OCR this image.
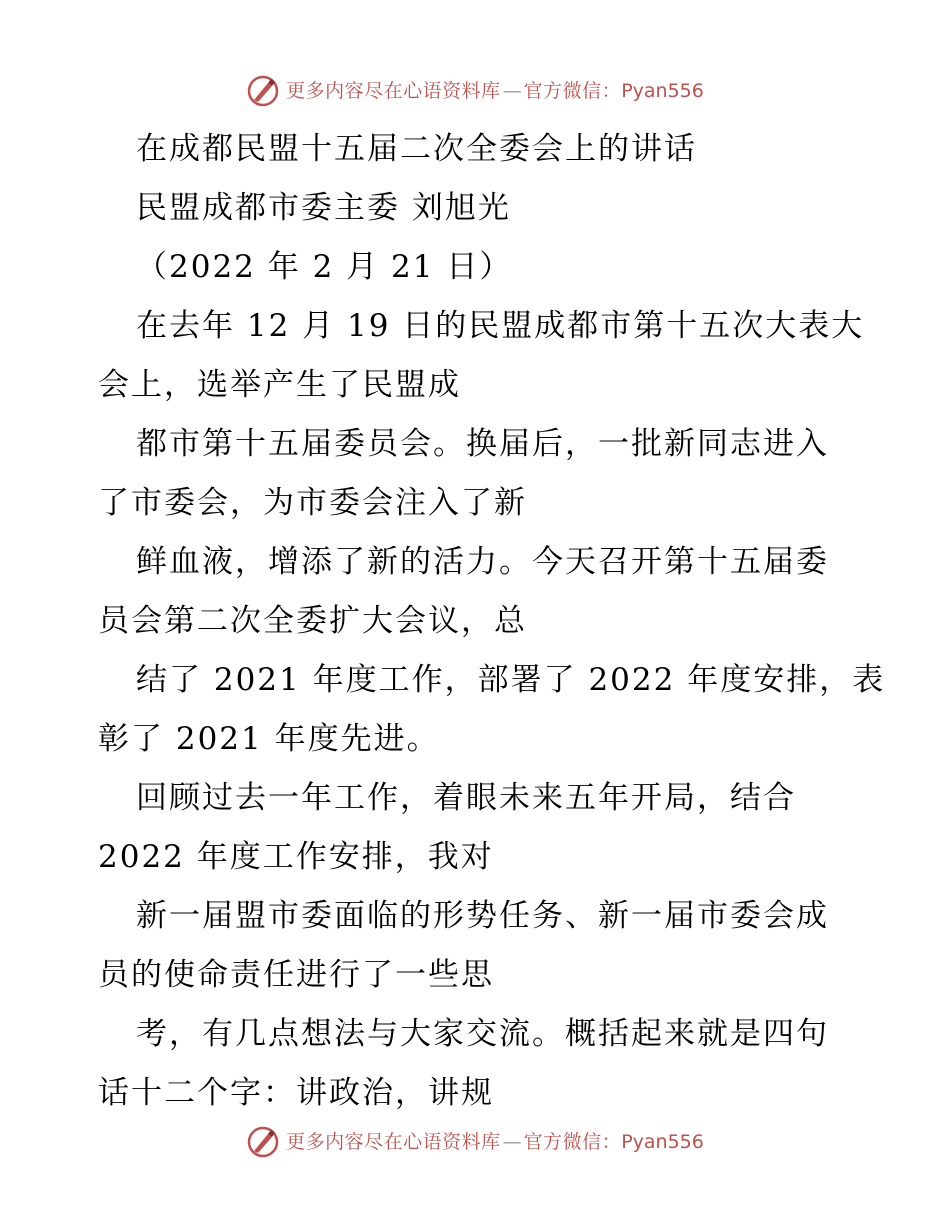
更多内容尽在心语资料库 — 官方微信： Pyan556
在成都民盟十五届二次全委会上的讲话
民盟成都市委主委 刘旭光
（2022 年 2 月 21 日）
在去年 12 月 19 日的民盟成都市第十五次大表大
会上，选举产生了民盟成
都市第十五届委员会。换届后，一批新同志进入
了市委会，为市委会注入了新
鲜血液，增添了新的活力。今天召开第十五届委
员会第二次全委扩大会议，总
结了 2021 年度工作，部署了 2022 年度安排，表
彰了 2021 年度先进。
回顾过去一年工作，着眼未来五年开局，结合
2022 年度工作安排，我对
新一届盟市委面临的形势任务、新一届市委会成
员的使命责任进行了一些思
考，有几点想法与大家交流。概括起来就是四句
话十二个字：讲政治，讲规
更多内容尽在心语资料库 — 官方微信： Pyan556
